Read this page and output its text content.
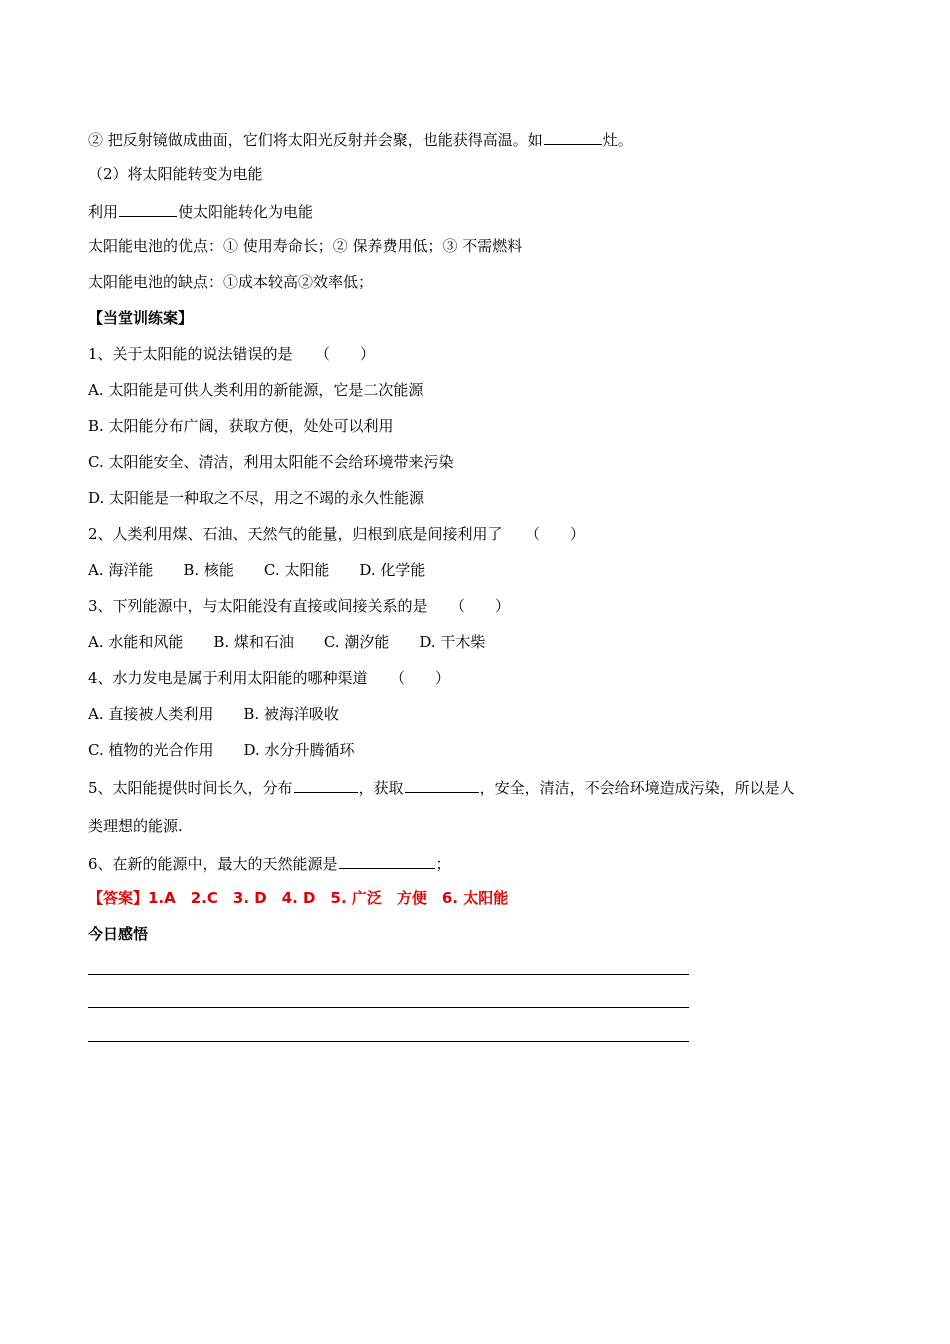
② 把反射镜做成曲面，它们将太阳光反射并会聚，也能获得高温。如	灶。
（2）将太阳能转变为电能
利用	使太阳能转化为电能
太阳能电池的优点：① 使用寿命长；② 保养费用低；③ 不需燃料
太阳能电池的缺点：①成本较高②效率低；
【当堂训练案】
1、关于太阳能的说法错误的是　　（　　）
A. 太阳能是可供人类利用的新能源，它是二次能源
B. 太阳能分布广阔，获取方便，处处可以利用
C. 太阳能安全、清洁，利用太阳能不会给环境带来污染
D. 太阳能是一种取之不尽，用之不竭的永久性能源
2、人类利用煤、石油、天然气的能量，归根到底是间接利用了　　（　　）
A. 海洋能　　B. 核能　　C. 太阳能　　D. 化学能
3、下列能源中，与太阳能没有直接或间接关系的是　　（　　）
A. 水能和风能　　B. 煤和石油　　C. 潮汐能　　D. 干木柴
4、水力发电是属于利用太阳能的哪种渠道　　（　　）
A. 直接被人类利用　　B. 被海洋吸收
C. 植物的光合作用　　D. 水分升腾循环
5、太阳能提供时间长久，分布	，获取	，安全，清洁，不会给环境造成污染，所以是人
类理想的能源.
6、在新的能源中，最大的天然能源是	；
【答案】1.A　2.C　3. D　4. D　5. 广泛　方便　6. 太阳能
今日感悟
